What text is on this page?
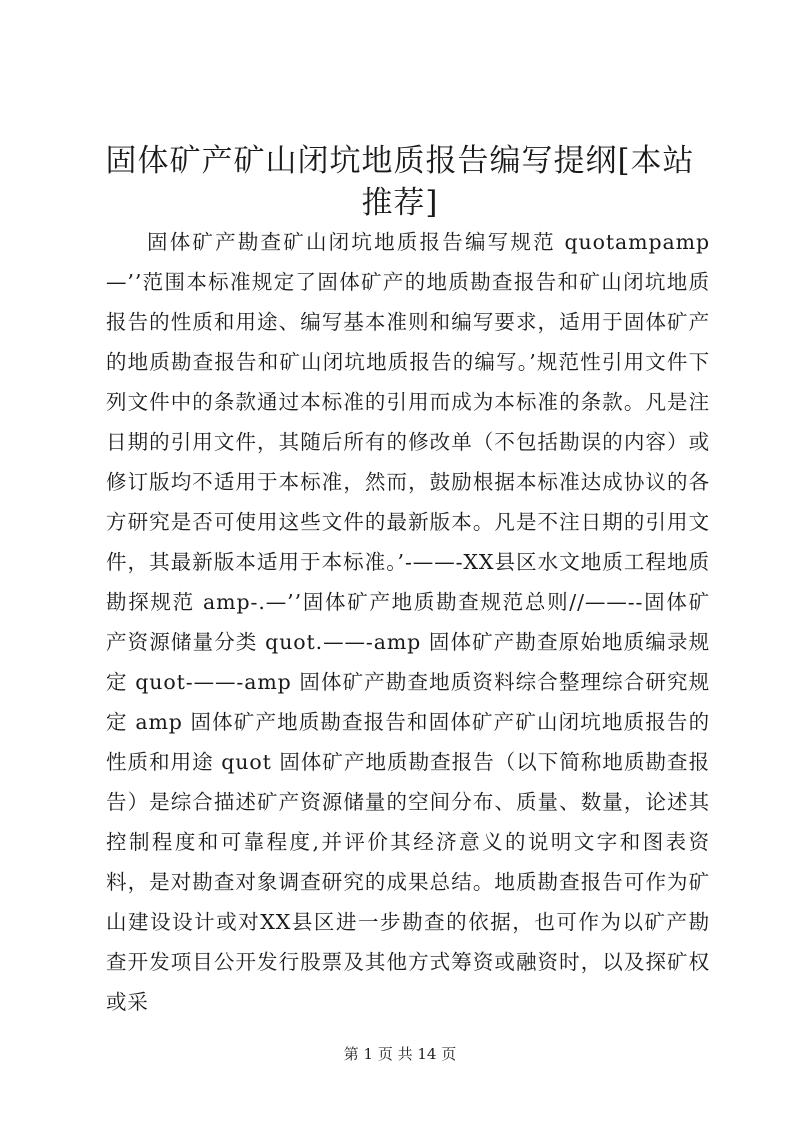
固体矿产矿山闭坑地质报告编写提纲[本站推荐]

固体矿产勘查矿山闭坑地质报告编写规范 quotampamp—’’范围本标准规定了固体矿产的地质勘查报告和矿山闭坑地质报告的性质和用途、编写基本准则和编写要求，适用于固体矿产的地质勘查报告和矿山闭坑地质报告的编写。’规范性引用文件下列文件中的条款通过本标准的引用而成为本标准的条款。凡是注日期的引用文件，其随后所有的修改单（不包括勘误的内容）或修订版均不适用于本标准，然而，鼓励根据本标准达成协议的各方研究是否可使用这些文件的最新版本。凡是不注日期的引用文件，其最新版本适用于本标准。’-——-XX县区水文地质工程地质勘探规范 amp-.—’’固体矿产地质勘查规范总则//——--固体矿产资源储量分类 quot.——-amp 固体矿产勘查原始地质编录规定 quot-——-amp 固体矿产勘查地质资料综合整理综合研究规定 amp 固体矿产地质勘查报告和固体矿产矿山闭坑地质报告的性质和用途 quot 固体矿产地质勘查报告（以下简称地质勘查报告）是综合描述矿产资源储量的空间分布、质量、数量，论述其控制程度和可靠程度,并评价其经济意义的说明文字和图表资料，是对勘查对象调查研究的成果总结。地质勘查报告可作为矿山建设设计或对XX县区进一步勘查的依据，也可作为以矿产勘查开发项目公开发行股票及其他方式筹资或融资时，以及探矿权或采

第 1 页 共 14 页
